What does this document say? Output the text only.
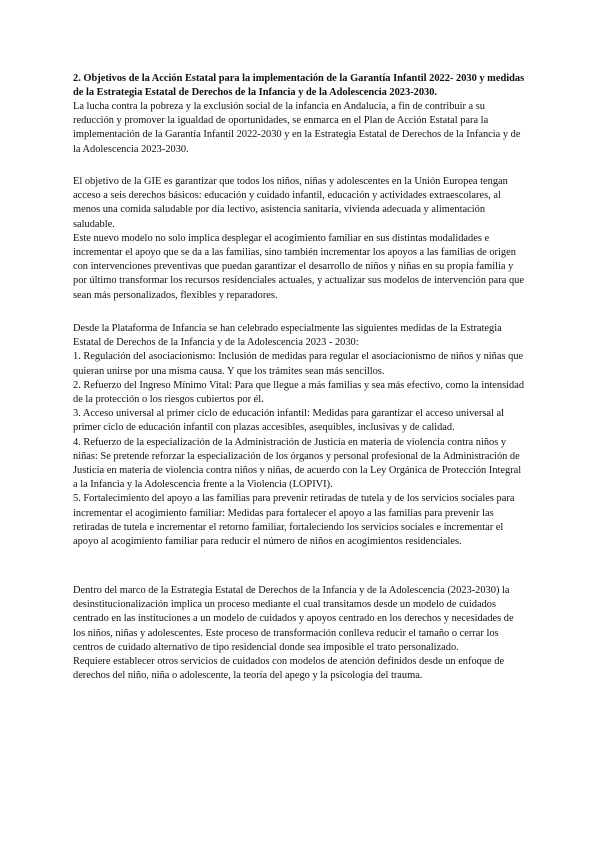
2. Objetivos de la Acción Estatal para la implementación de la Garantía Infantil 2022- 2030 y medidas de la Estrategia Estatal de Derechos de la Infancia y de la Adolescencia 2023-2030.

La lucha contra la pobreza y la exclusión social de la infancia en Andalucía, a fin de contribuir a su reducción y promover la igualdad de oportunidades, se enmarca en el Plan de Acción Estatal para la implementación de la Garantía Infantil 2022-2030 y en la Estrategia Estatal de Derechos de la Infancia y de la Adolescencia 2023-2030.

El objetivo de la GIE es garantizar que todos los niños, niñas y adolescentes en la Unión Europea tengan acceso a seis derechos básicos: educación y cuidado infantil, educación y actividades extraescolares, al menos una comida saludable por día lectivo, asistencia sanitaria, vivienda adecuada y alimentación saludable.

Este nuevo modelo no solo implica desplegar el acogimiento familiar en sus distintas modalidades e incrementar el apoyo que se da a las familias, sino también incrementar los apoyos a las familias de origen con intervenciones preventivas que puedan garantizar el desarrollo de niños y niñas en su propia familia y por último transformar los recursos residenciales actuales, y actualizar sus modelos de intervención para que sean más personalizados, flexibles y reparadores.

Desde la Plataforma de Infancia se han celebrado especialmente las siguientes medidas de la Estrategia Estatal de Derechos de la Infancia y de la Adolescencia 2023 - 2030:

1. Regulación del asociacionismo: Inclusión de medidas para regular el asociacionismo de niños y niñas que quieran unirse por una misma causa. Y que los trámites sean más sencillos.

2. Refuerzo del Ingreso Mínimo Vital: Para que llegue a más familias y sea más efectivo, como la intensidad de la protección o los riesgos cubiertos por él.

3. Acceso universal al primer ciclo de educación infantil: Medidas para garantizar el acceso universal al primer ciclo de educación infantil con plazas accesibles, asequibles, inclusivas y de calidad.

4. Refuerzo de la especialización de la Administración de Justicia en materia de violencia contra niños y niñas: Se pretende reforzar la especialización de los órganos y personal profesional de la Administración de Justicia en materia de violencia contra niños y niñas, de acuerdo con la Ley Orgánica de Protección Integral a la Infancia y la Adolescencia frente a la Violencia (LOPIVI).

5. Fortalecimiento del apoyo a las familias para prevenir retiradas de tutela y de los servicios sociales para incrementar el acogimiento familiar: Medidas para fortalecer el apoyo a las familias para prevenir las retiradas de tutela e incrementar el retorno familiar, fortaleciendo los servicios sociales e incrementar el apoyo al acogimiento familiar para reducir el número de niños en acogimientos residenciales.

Dentro del marco de la Estrategia Estatal de Derechos de la Infancia y de la Adolescencia (2023-2030) la desinstitucionalización implica un proceso mediante el cual transitamos desde un modelo de cuidados centrado en las instituciones a un modelo de cuidados y apoyos centrado en los derechos y necesidades de los niños, niñas y adolescentes. Este proceso de transformación conlleva reducir el tamaño o cerrar los centros de cuidado alternativo de tipo residencial donde sea imposible el trato personalizado.

Requiere establecer otros servicios de cuidados con modelos de atención definidos desde un enfoque de derechos del niño, niña o adolescente, la teoría del apego y la psicología del trauma.
